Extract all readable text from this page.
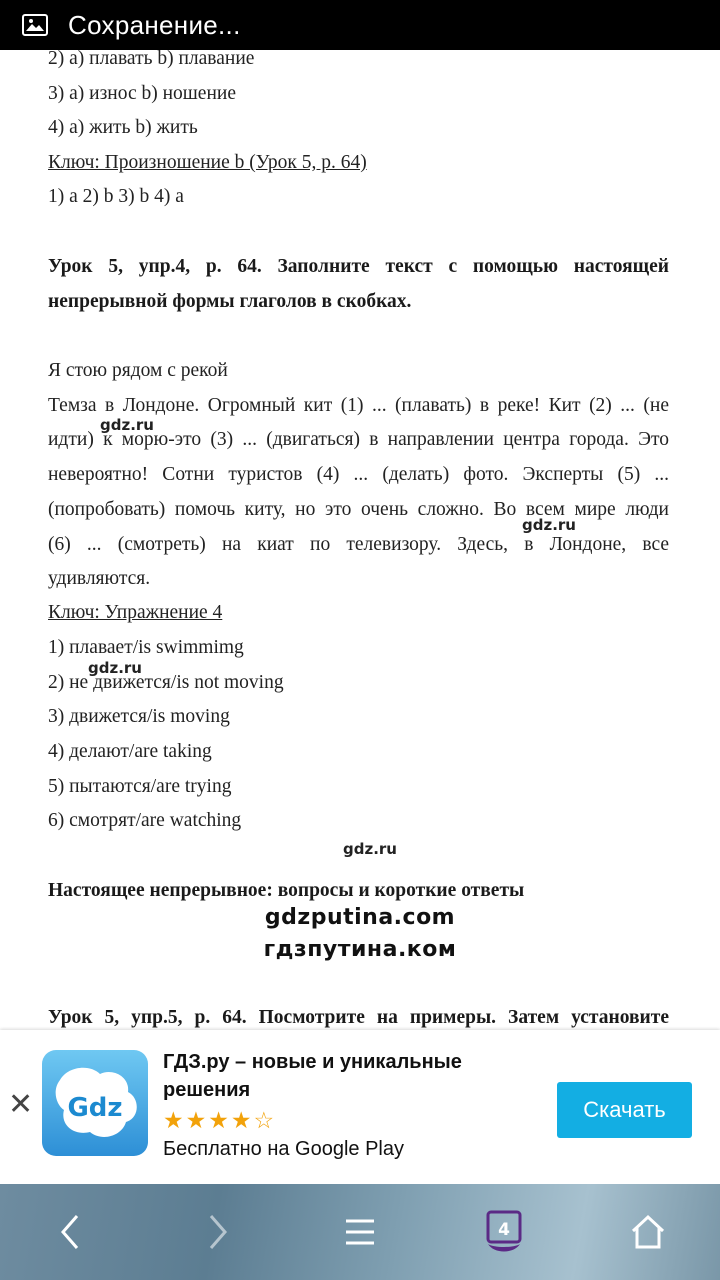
Сохранение...
2) a) плавать b) плавание
3) a) износ b) ношение
4) a) жить b) жить
Ключ: Произношение b (Урок 5, р. 64)
1) a 2) b 3) b 4) a
Урок 5, упр.4, р. 64. Заполните текст с помощью настоящей
непрерывной формы глаголов в скобках.
Я стою рядом с рекой
Темза в Лондоне. Огромный кит (1) ... (плавать) в реке! Кит (2) ... (не
идти) к морю-это (3) ... (двигаться) в направлении центра города. Это
невероятно! Сотни туристов (4) ... (делать) фото. Эксперты (5) ...
(попробовать) помочь киту, но это очень сложно. Во всем мире люди
(6) ... (смотреть) на киат по телевизору. Здесь, в Лондоне, все
удивляются.
Ключ: Упражнение 4
1) плавает/is swimmimg
2) не движется/is not moving
3) движется/is moving
4) делают/are taking
5) пытаются/are trying
6) смотрят/are watching
Настоящее непрерывное: вопросы и короткие ответы
Урок 5, упр.5, р. 64. Посмотрите на примеры. Затем установите
gdz.ru
gdz.ru
gdz.ru
gdz.ru
gdzputina.com
гдзпутина.ком
✕ Gdz
ГДЗ.ру – новые и уникальные решения
★★★★☆
Бесплатно на Google Play
Скачать
4
